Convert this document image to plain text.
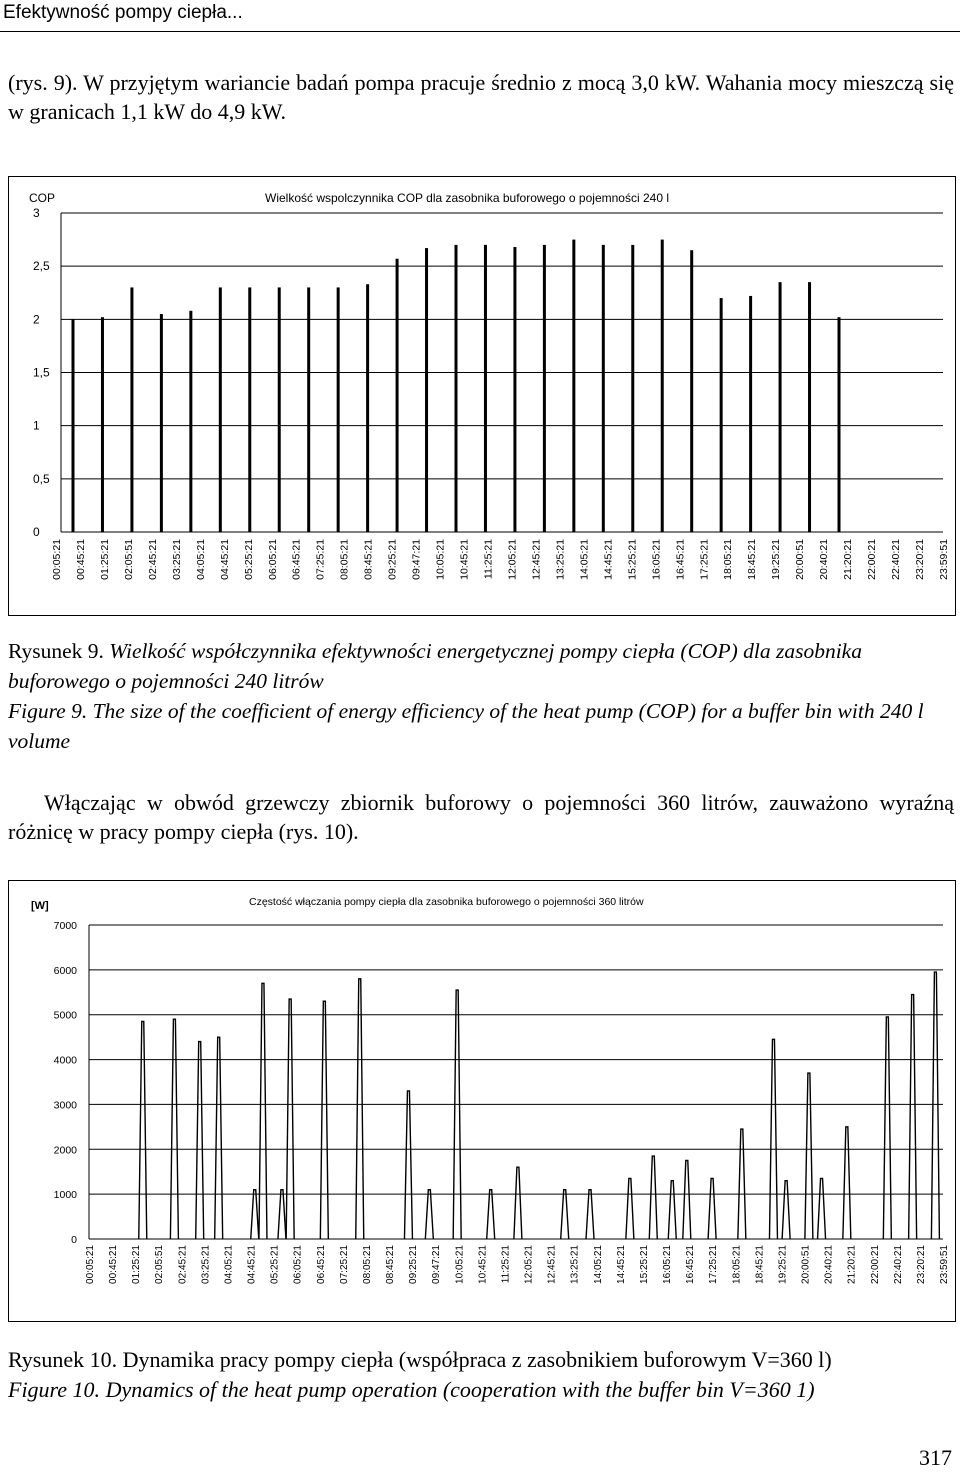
Efektywność pompy ciepła...
(rys. 9). W przyjętym wariancie badań pompa pracuje średnio z mocą 3,0 kW. Wahania mocy mieszczą się w granicach 1,1 kW do 4,9 kW.
COP	Wielkość wspolczynnika COP dla zasobnika buforowego o pojemności 240 l
0
0,5
1
1,5
2
2,5
3
00:05:21 00:45:21 01:25:21 02:05:51 02:45:21 03:25:21 04:05:21 04:45:21 05:25:21 06:05:21 06:45:21 07:25:21 08:05:21 08:45:21 09:25:21 09:47:21 10:05:21 10:45:21 11:25:21 12:05:21 12:45:21 13:25:21 14:05:21 14:45:21 15:25:21 16:05:21 16:45:21 17:25:21 18:05:21 18:45:21 19:25:21 20:00:51 20:40:21 21:20:21 22:00:21 22:40:21 23:20:21 23:59:51
Rysunek 9. Wielkość współczynnika efektywności energetycznej pompy ciepła (COP) dla zasobnika buforowego o pojemności 240 litrów
Figure 9. The size of the coefficient of energy efficiency of the heat pump (COP) for a buffer bin with 240 l volume
Włączając w obwód grzewczy zbiornik buforowy o pojemności 360 litrów, zauważono wyraźną różnicę w pracy pompy ciepła (rys. 10).
[W]	Częstość włączania pompy ciepła dla zasobnika buforowego o pojemności 360 litrów
0
1000
2000
3000
4000
5000
6000
7000
00:05:21 00:45:21 01:25:21 02:05:51 02:45:21 03:25:21 04:05:21 04:45:21 05:25:21 06:05:21 06:45:21 07:25:21 08:05:21 08:45:21 09:25:21 09:47:21 10:05:21 10:45:21 11:25:21 12:05:21 12:45:21 13:25:21 14:05:21 14:45:21 15:25:21 16:05:21 16:45:21 17:25:21 18:05:21 18:45:21 19:25:21 20:00:51 20:40:21 21:20:21 22:00:21 22:40:21 23:20:21 23:59:51
Rysunek 10. Dynamika pracy pompy ciepła (współpraca z zasobnikiem buforowym V=360 l)
Figure 10. Dynamics of the heat pump operation (cooperation with the buffer bin V=360 1)
317
